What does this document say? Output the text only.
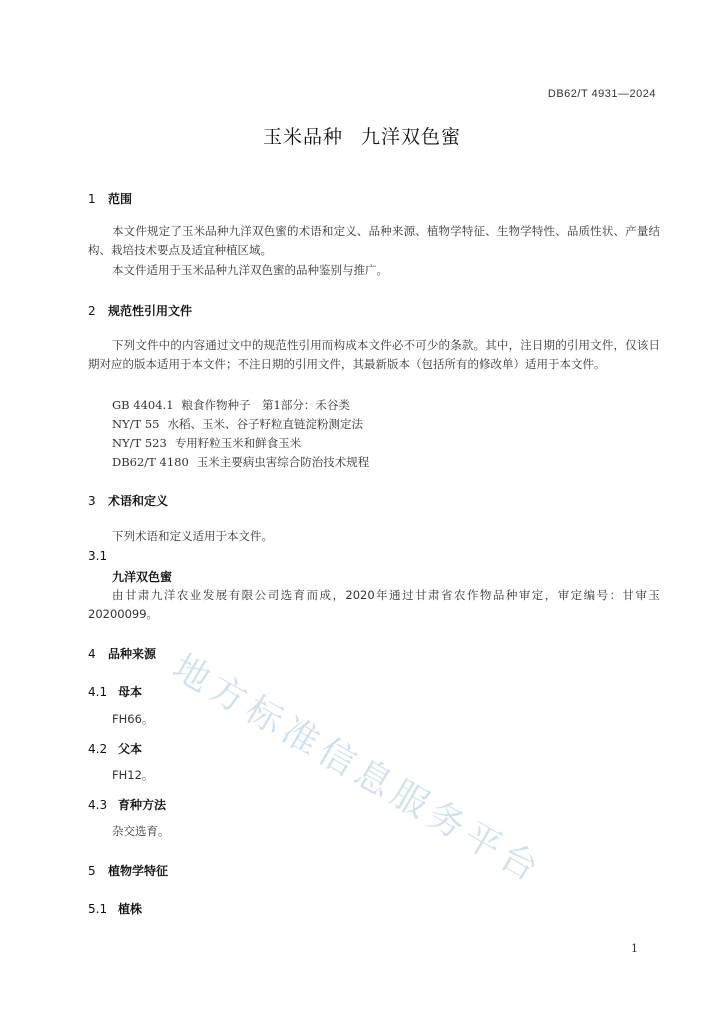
DB62/T 4931—2024
玉米品种 九洋双色蜜
1 范围
本文件规定了玉米品种九洋双色蜜的术语和定义、品种来源、植物学特征、生物学特性、品质性状、产量结构、栽培技术要点及适宜种植区域。
本文件适用于玉米品种九洋双色蜜的品种鉴别与推广。
2 规范性引用文件
下列文件中的内容通过文中的规范性引用而构成本文件必不可少的条款。其中，注日期的引用文件，仅该日期对应的版本适用于本文件；不注日期的引用文件，其最新版本（包括所有的修改单）适用于本文件。
GB 4404.1 粮食作物种子　第1部分：禾谷类
NY/T 55 水稻、玉米、谷子籽粒直链淀粉测定法
NY/T 523 专用籽粒玉米和鲜食玉米
DB62/T 4180 玉米主要病虫害综合防治技术规程
3 术语和定义
下列术语和定义适用于本文件。
3.1
九洋双色蜜
由甘肃九洋农业发展有限公司选育而成，2020年通过甘肃省农作物品种审定，审定编号：甘审玉20200099。
4 品种来源
4.1 母本
FH66。
4.2 父本
FH12。
4.3 育种方法
杂交选育。
5 植物学特征
5.1 植株
1
地方标准信息服务平台
